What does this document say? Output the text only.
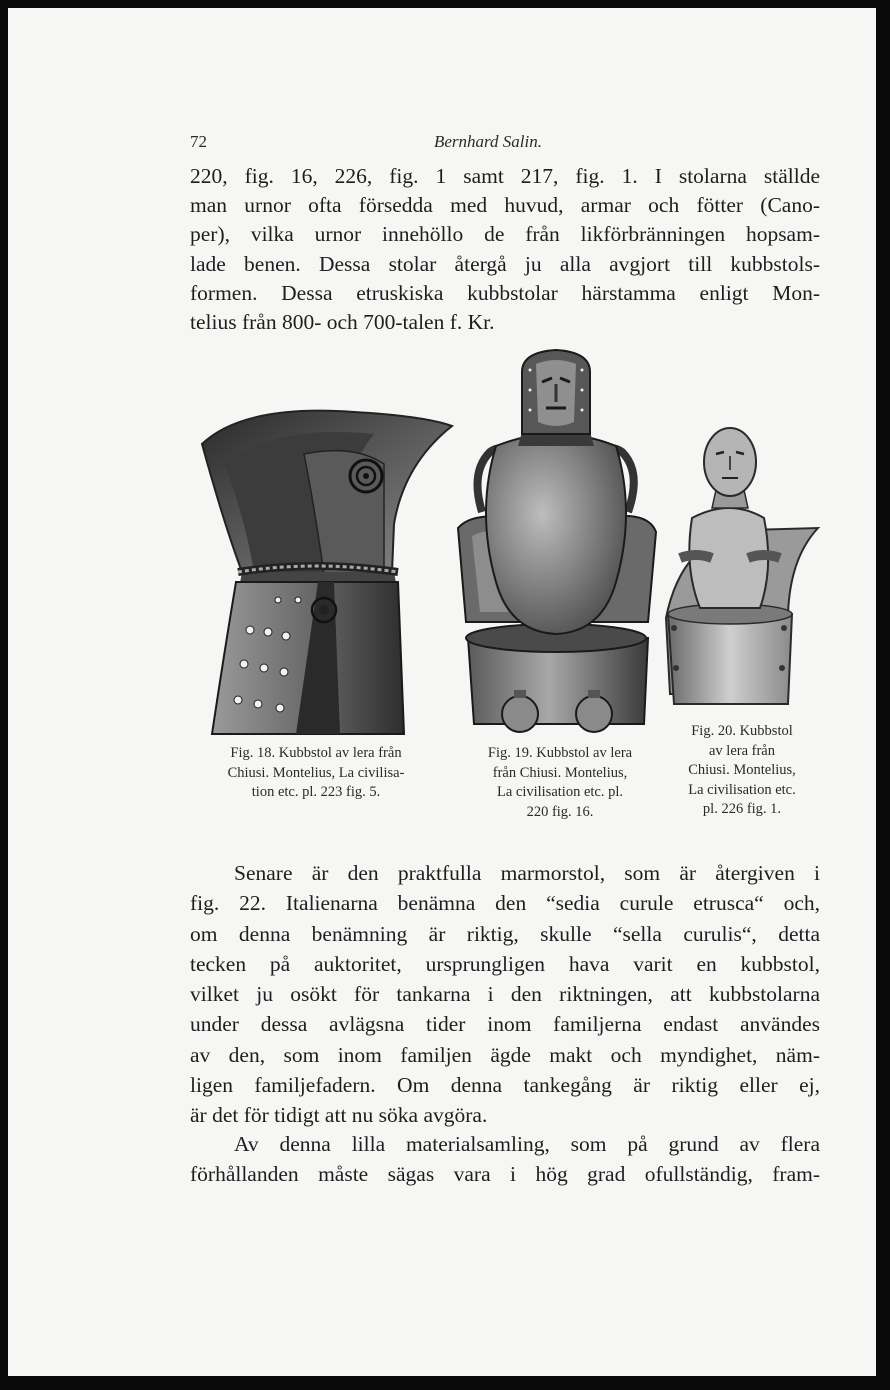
72	Bernhard Salin.
220, fig. 16, 226, fig. 1 samt 217, fig. 1. I stolarna ställde
man urnor ofta försedda med huvud, armar och fötter (Cano-
per), vilka urnor innehöllo de från likförbränningen hopsam-
lade benen. Dessa stolar återgå ju alla avgjort till kubbstols-
formen. Dessa etruskiska kubbstolar härstamma enligt Mon-
telius från 800- och 700-talen f. Kr.
Fig. 18. Kubbstol av lera från
Chiusi. Montelius, La civilisa-
tion etc. pl. 223 fig. 5.
Fig. 19. Kubbstol av lera
från Chiusi. Montelius,
La civilisation etc. pl.
220 fig. 16.
Fig. 20. Kubbstol
av lera från
Chiusi. Montelius,
La civilisation etc.
pl. 226 fig. 1.
Senare är den praktfulla marmorstol, som är återgiven i
fig. 22. Italienarna benämna den “sedia curule etrusca“ och,
om denna benämning är riktig, skulle “sella curulis“, detta
tecken på auktoritet, ursprungligen hava varit en kubbstol,
vilket ju osökt för tankarna i den riktningen, att kubbstolarna
under dessa avlägsna tider inom familjerna endast användes
av den, som inom familjen ägde makt och myndighet, näm-
ligen familjefadern. Om denna tankegång är riktig eller ej,
är det för tidigt att nu söka avgöra.
Av denna lilla materialsamling, som på grund av flera
förhållanden måste sägas vara i hög grad ofullständig, fram-
